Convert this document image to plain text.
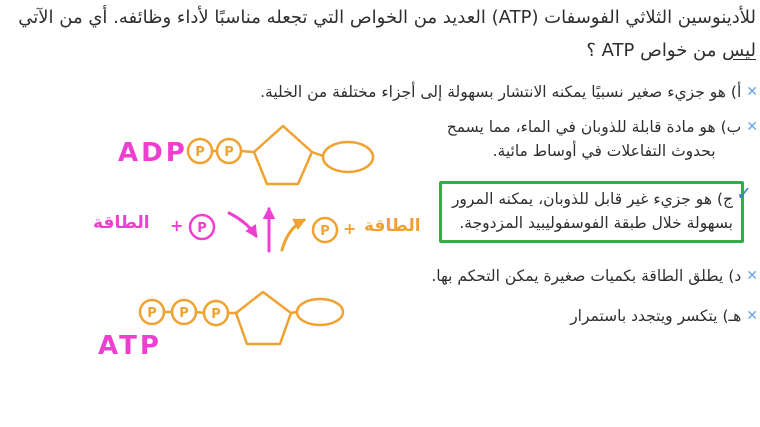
للأدينوسين الثلاثي الفوسفات (ATP) العديد من الخواص التي تجعله مناسبًا لأداء وظائفه. أي من الآتي
ليس من خواص ATP ؟
✕
أ)
هو جزيء صغير نسبيًا يمكنه الانتشار بسهولة إلى أجزاء مختلفة من الخلية.
✕
ب)
هو مادة قابلة للذوبان في الماء، مما يسمح
بحدوث التفاعلات في أوساط مائية.
✓
ج) هو جزيء غير قابل للذوبان، يمكنه المرور
بسهولة خلال طبقة الفوسفوليبيد المزدوجة.
✕
د)
يطلق الطاقة بكميات صغيرة يمكن التحكم بها.
✕
هـ)
يتكسر ويتجدد باستمرار
P P
P P P
P	P
ADP
ATP
الطاقة +	+ الطاقة
